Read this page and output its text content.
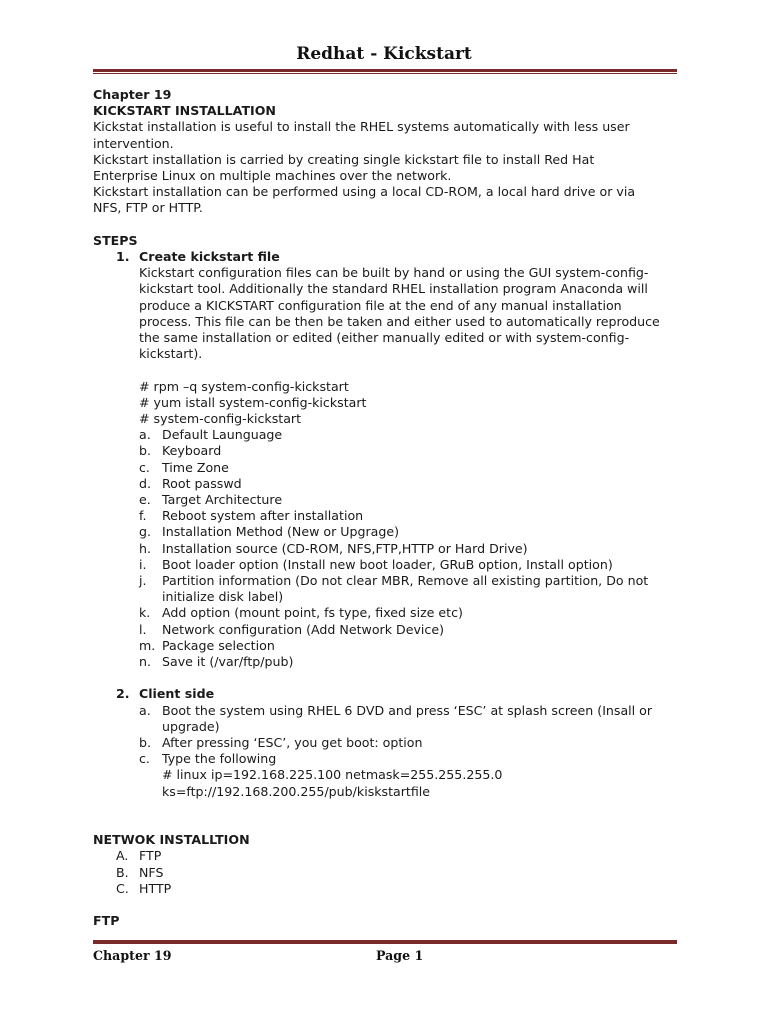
Redhat - Kickstart

Chapter 19

KICKSTART INSTALLATION

Kickstat installation is useful to install the RHEL systems automatically with less user

intervention.

Kickstart installation is carried by creating single kickstart file to install Red Hat

Enterprise Linux on multiple machines over the network.

Kickstart installation can be performed using a local CD-ROM, a local hard drive or via

NFS, FTP or HTTP.

STEPS

1. Create kickstart file

Kickstart configuration files can be built by hand or using the GUI system-config-

kickstart tool. Additionally the standard RHEL installation program Anaconda will

produce a KICKSTART configuration file at the end of any manual installation

process. This file can be then be taken and either used to automatically reproduce

the same installation or edited (either manually edited or with system-config-

kickstart).

# rpm –q system-config-kickstart

# yum istall system-config-kickstart

# system-config-kickstart

a. Default Launguage

b. Keyboard

c. Time Zone

d. Root passwd

e. Target Architecture

f. Reboot system after installation

g. Installation Method (New or Upgrage)

h. Installation source (CD-ROM, NFS,FTP,HTTP or Hard Drive)

i. Boot loader option (Install new boot loader, GRuB option, Install option)

j. Partition information (Do not clear MBR, Remove all existing partition, Do not

initialize disk label)

k. Add option (mount point, fs type, fixed size etc)

l. Network configuration (Add Network Device)

m. Package selection

n. Save it (/var/ftp/pub)

2. Client side

a. Boot the system using RHEL 6 DVD and press ‘ESC’ at splash screen (Insall or

upgrade)

b. After pressing ‘ESC’, you get boot: option

c. Type the following

# linux ip=192.168.225.100 netmask=255.255.255.0

ks=ftp://192.168.200.255/pub/kiskstartfile

NETWOK INSTALLTION

A. FTP

B. NFS

C. HTTP

FTP

Chapter 19	Page 1
